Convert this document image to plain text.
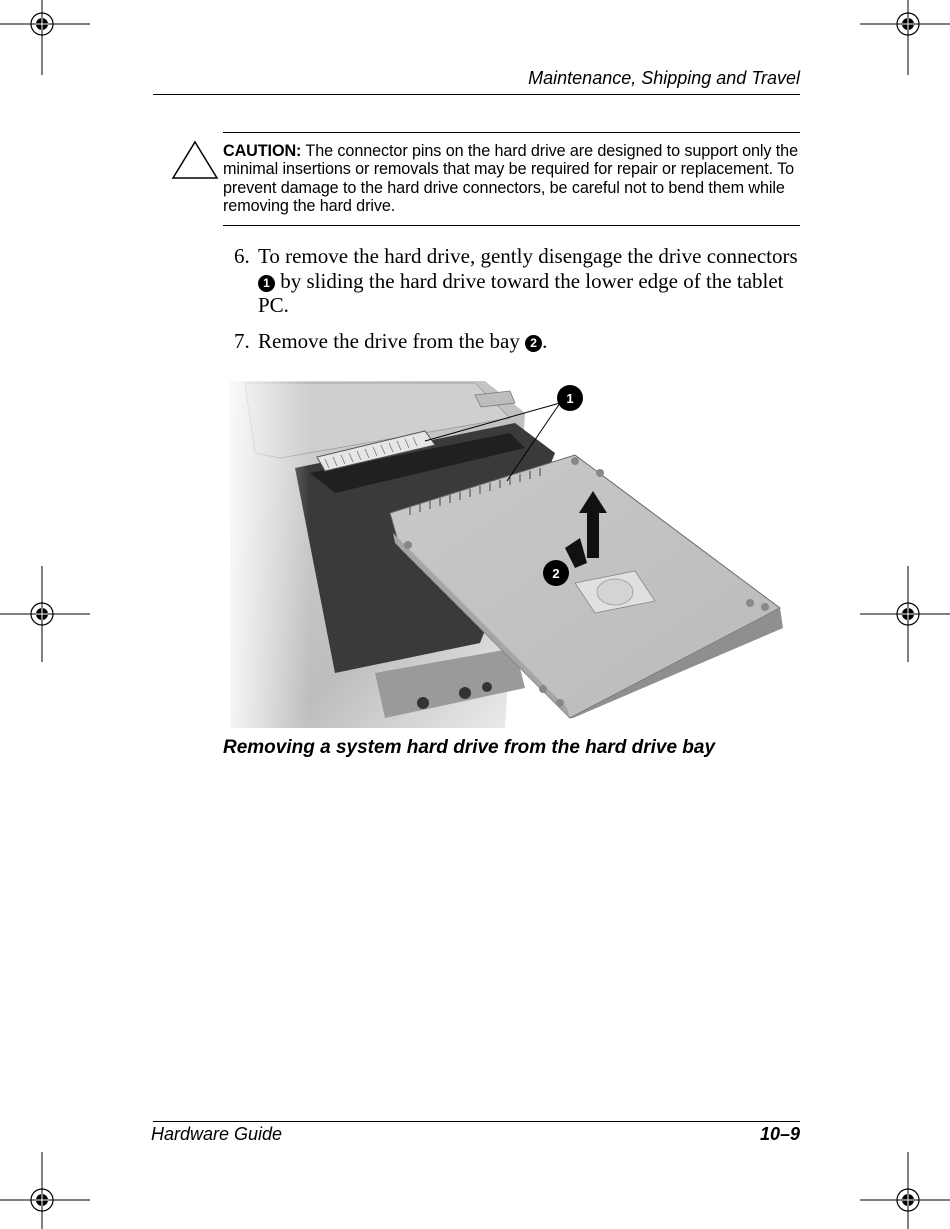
Maintenance, Shipping and Travel
CAUTION: The connector pins on the hard drive are designed to support only the minimal insertions or removals that may be required for repair or replacement. To prevent damage to the hard drive connectors, be careful not to bend them while removing the hard drive.
6. To remove the hard drive, gently disengage the drive connectors 1 by sliding the hard drive toward the lower edge of the tablet PC.
7. Remove the drive from the bay 2 .
Removing a system hard drive from the hard drive bay
Hardware Guide	10–9
